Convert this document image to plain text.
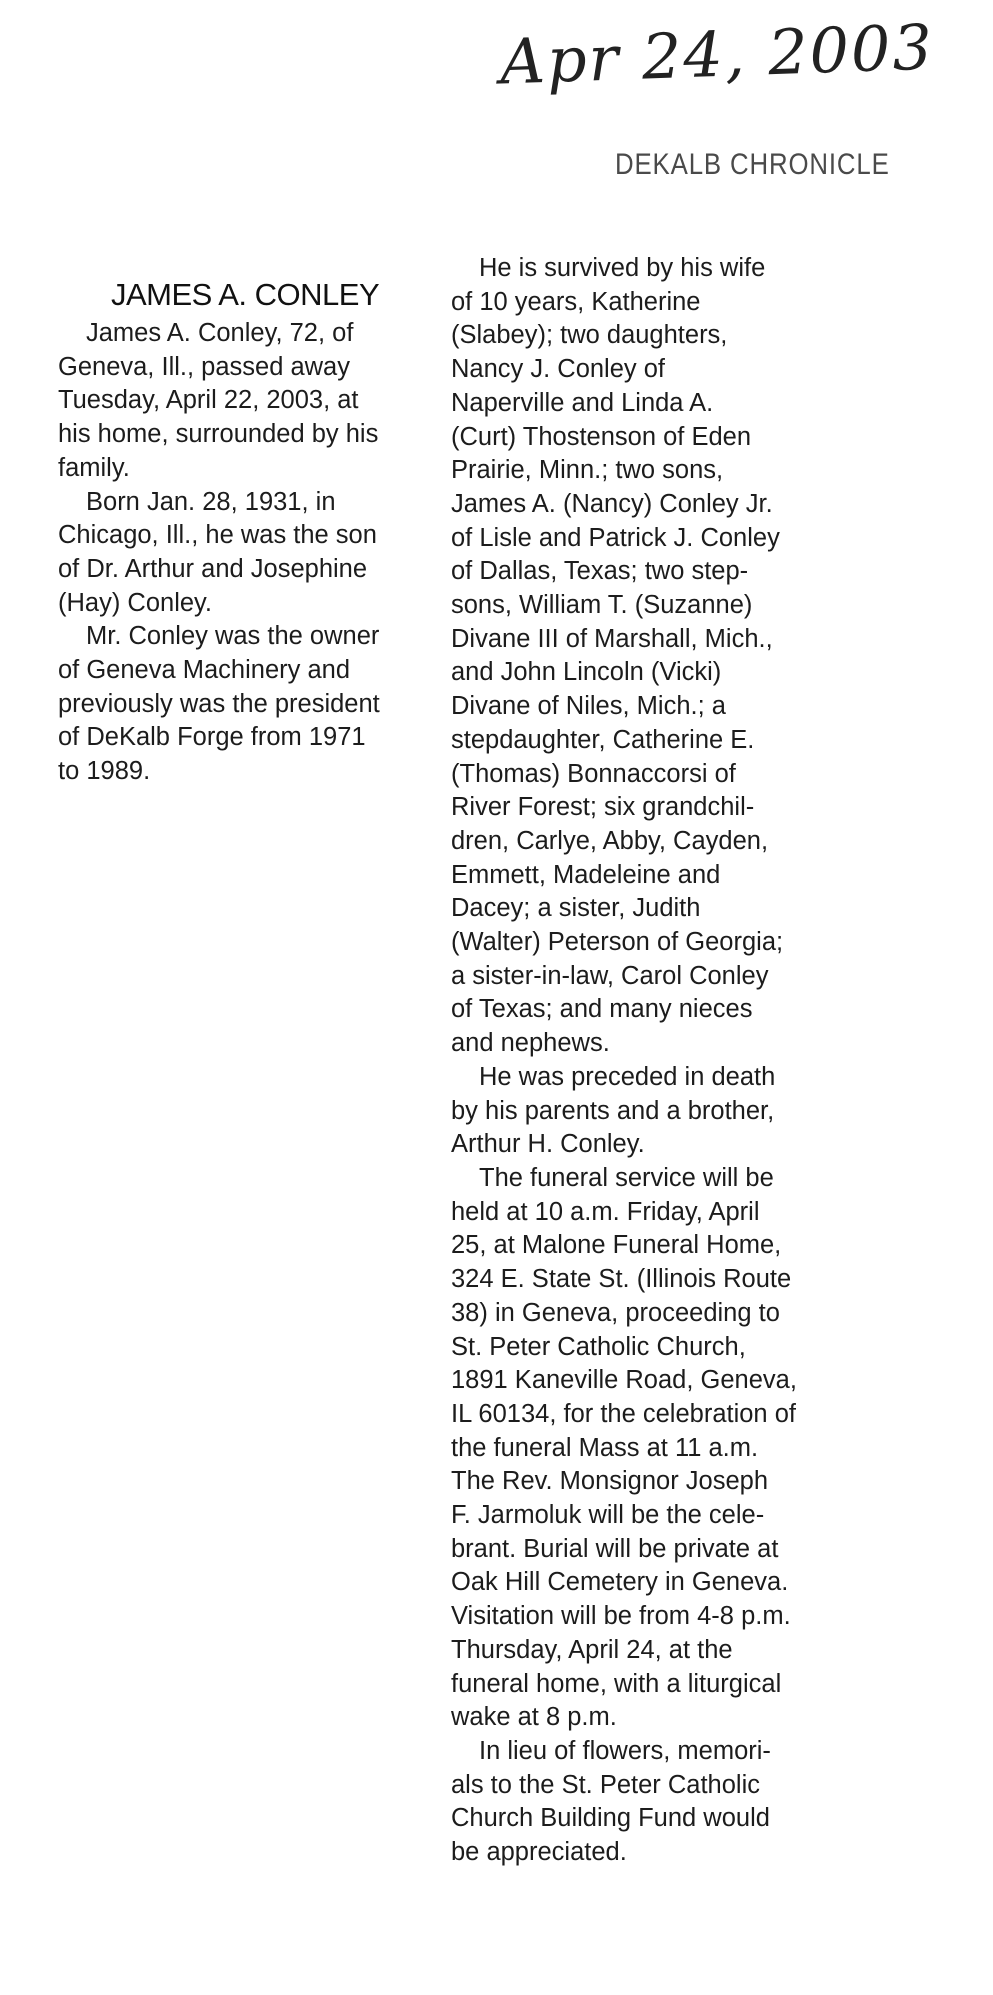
Apr 24, 2003
DEKALB CHRONICLE
JAMES A. CONLEY

James A. Conley, 72, of
Geneva, Ill., passed away
Tuesday, April 22, 2003, at
his home, surrounded by his
family.

Born Jan. 28, 1931, in
Chicago, Ill., he was the son
of Dr. Arthur and Josephine
(Hay) Conley.

Mr. Conley was the owner
of Geneva Machinery and
previously was the president
of DeKalb Forge from 1971
to 1989.

He is survived by his wife
of 10 years, Katherine
(Slabey); two daughters,
Nancy J. Conley of
Naperville and Linda A.
(Curt) Thostenson of Eden
Prairie, Minn.; two sons,
James A. (Nancy) Conley Jr.
of Lisle and Patrick J. Conley
of Dallas, Texas; two step-
sons, William T. (Suzanne)
Divane III of Marshall, Mich.,
and John Lincoln (Vicki)
Divane of Niles, Mich.; a
stepdaughter, Catherine E.
(Thomas) Bonnaccorsi of
River Forest; six grandchil-
dren, Carlye, Abby, Cayden,
Emmett, Madeleine and
Dacey; a sister, Judith
(Walter) Peterson of Georgia;
a sister-in-law, Carol Conley
of Texas; and many nieces
and nephews.

He was preceded in death
by his parents and a brother,
Arthur H. Conley.

The funeral service will be
held at 10 a.m. Friday, April
25, at Malone Funeral Home,
324 E. State St. (Illinois Route
38) in Geneva, proceeding to
St. Peter Catholic Church,
1891 Kaneville Road, Geneva,
IL 60134, for the celebration of
the funeral Mass at 11 a.m.
The Rev. Monsignor Joseph
F. Jarmoluk will be the cele-
brant. Burial will be private at
Oak Hill Cemetery in Geneva.

Visitation will be from 4-8 p.m.
Thursday, April 24, at the
funeral home, with a liturgical
wake at 8 p.m.

In lieu of flowers, memori-
als to the St. Peter Catholic
Church Building Fund would
be appreciated.
